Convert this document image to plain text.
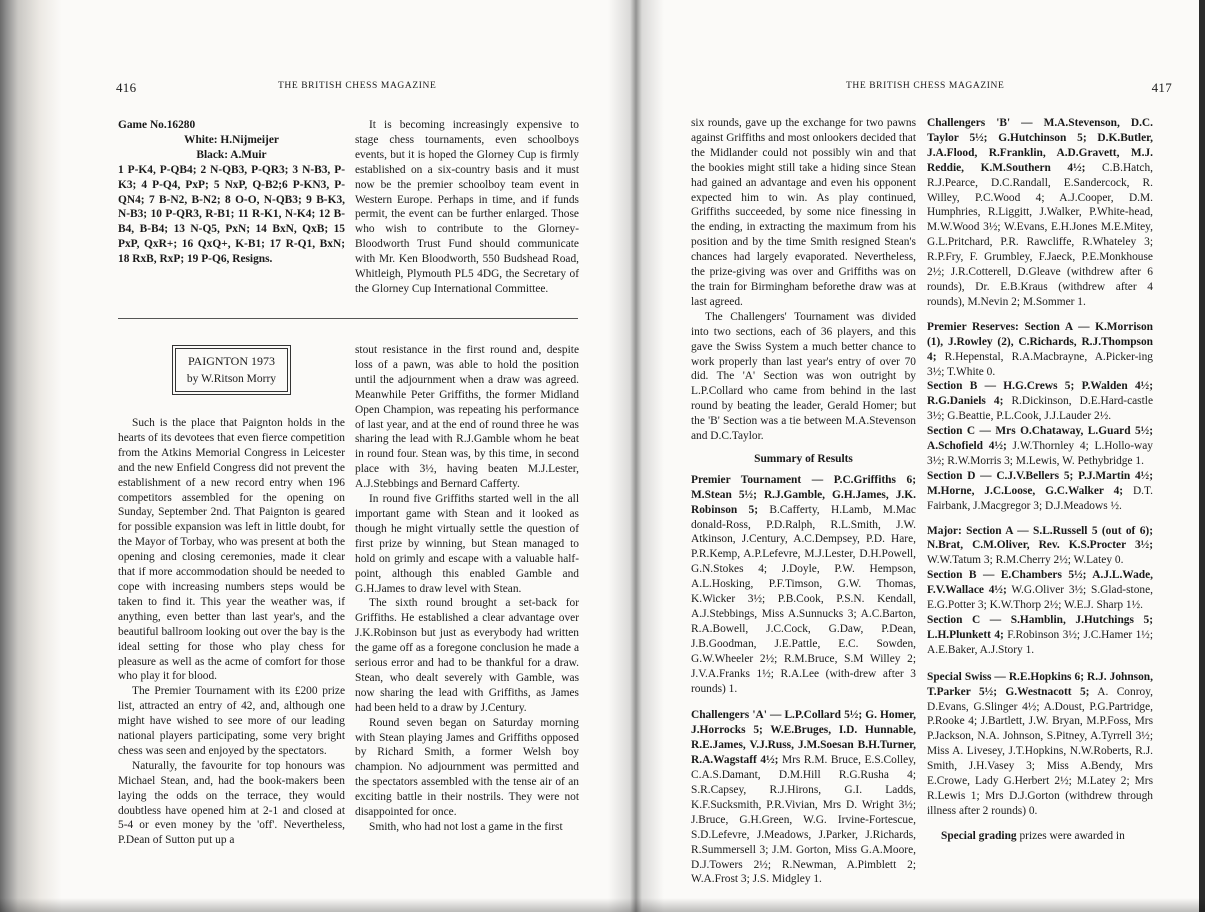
416	THE BRITISH CHESS MAGAZINE

Game No.16280

White: H.Nijmeijer
Black: A.Muir

1 P-K4, P-QB4; 2 N-QB3, P-QR3; 3 N-B3, P-K3; 4 P-Q4, PxP; 5 NxP, Q-B2;6 P-KN3, P-QN4; 7 B-N2, B-N2; 8 O-O, N-QB3; 9 B-K3, N-B3; 10 P-QR3, R-B1; 11 R-K1, N-K4; 12 B-B4, B-B4; 13 N-Q5, PxN; 14 BxN, QxB; 15 PxP, QxR+; 16 QxQ+, K-B1; 17 R-Q1, BxN; 18 RxB, RxP; 19 P-Q6, Resigns.

It is becoming increasingly expensive to stage chess tournaments, even schoolboys events, but it is hoped the Glorney Cup is firmly established on a six-country basis and it must now be the premier schoolboy team event in Western Europe. Perhaps in time, and if funds permit, the event can be further enlarged. Those who wish to contribute to the Glorney-Bloodworth Trust Fund should communicate with Mr. Ken Bloodworth, 550 Budshead Road, Whitleigh, Plymouth PL5 4DG, the Secretary of the Glorney Cup International Committee.

PAIGNTON 1973
by W.Ritson Morry

Such is the place that Paignton holds in the hearts of its devotees that even fierce competition from the Atkins Memorial Congress in Leicester and the new Enfield Congress did not prevent the establishment of a new record entry when 196 competitors assembled for the opening on Sunday, September 2nd. That Paignton is geared for possible expansion was left in little doubt, for the Mayor of Torbay, who was present at both the opening and closing ceremonies, made it clear that if more accommodation should be needed to cope with increasing numbers steps would be taken to find it. This year the weather was, if anything, even better than last year's, and the beautiful ballroom looking out over the bay is the ideal setting for those who play chess for pleasure as well as the acme of comfort for those who play it for blood.

The Premier Tournament with its £200 prize list, attracted an entry of 42, and, although one might have wished to see more of our leading national players participating, some very bright chess was seen and enjoyed by the spectators.

Naturally, the favourite for top honours was Michael Stean, and, had the book-makers been laying the odds on the terrace, they would doubtless have opened him at 2-1 and closed at 5-4 or even money by the 'off'. Nevertheless, P.Dean of Sutton put up a

stout resistance in the first round and, despite loss of a pawn, was able to hold the position until the adjournment when a draw was agreed. Meanwhile Peter Griffiths, the former Midland Open Champion, was repeating his performance of last year, and at the end of round three he was sharing the lead with R.J.Gamble whom he beat in round four. Stean was, by this time, in second place with 3½, having beaten M.J.Lester, A.J.Stebbings and Bernard Cafferty.

In round five Griffiths started well in the all important game with Stean and it looked as though he might virtually settle the question of first prize by winning, but Stean managed to hold on grimly and escape with a valuable half-point, although this enabled Gamble and G.H.James to draw level with Stean.

The sixth round brought a set-back for Griffiths. He established a clear advantage over J.K.Robinson but just as everybody had written the game off as a foregone conclusion he made a serious error and had to be thankful for a draw. Stean, who dealt severely with Gamble, was now sharing the lead with Griffiths, as James had been held to a draw by J.Century.

Round seven began on Saturday morning with Stean playing James and Griffiths opposed by Richard Smith, a former Welsh boy champion. No adjournment was permitted and the spectators assembled with the tense air of an exciting battle in their nostrils. They were not disappointed for once.

Smith, who had not lost a game in the first

THE BRITISH CHESS MAGAZINE	417

six rounds, gave up the exchange for two pawns against Griffiths and most onlookers decided that the Midlander could not possibly win and that the bookies might still take a hiding since Stean had gained an advantage and even his opponent expected him to win. As play continued, Griffiths succeeded, by some nice finessing in the ending, in extracting the maximum from his position and by the time Smith resigned Stean's chances had largely evaporated. Nevertheless, the prize-giving was over and Griffiths was on the train for Birmingham beforethe draw was at last agreed.

The Challengers' Tournament was divided into two sections, each of 36 players, and this gave the Swiss System a much better chance to work properly than last year's entry of over 70 did. The 'A' Section was won outright by L.P.Collard who came from behind in the last round by beating the leader, Gerald Homer; but the 'B' Section was a tie between M.A.Stevenson and D.C.Taylor.

Summary of Results

Premier Tournament — P.C.Griffiths 6; M.Stean 5½; R.J.Gamble, G.H.James, J.K. Robinson 5; B.Cafferty, H.Lamb, M.Mac donald-Ross, P.D.Ralph, R.L.Smith, J.W. Atkinson, J.Century, A.C.Dempsey, P.D. Hare, P.R.Kemp, A.P.Lefevre, M.J.Lester, D.H.Powell, G.N.Stokes 4; J.Doyle, P.W. Hempson, A.L.Hosking, P.F.Timson, G.W. Thomas, K.Wicker 3½; P.B.Cook, P.S.N. Kendall, A.J.Stebbings, Miss A.Sunnucks 3; A.C.Barton, R.A.Bowell, J.C.Cock, G.Daw, P.Dean, J.B.Goodman, J.E.Pattle, E.C. Sowden, G.W.Wheeler 2½; R.M.Bruce, S.M Willey 2; J.V.A.Franks 1½; R.A.Lee (with-drew after 3 rounds) 1.

Challengers 'A' — L.P.Collard 5½; G. Homer, J.Horrocks 5; W.E.Bruges, I.D. Hunnable, R.E.James, V.J.Russ, J.M.Soesan B.H.Turner, R.A.Wagstaff 4½; Mrs R.M. Bruce, E.S.Colley, C.A.S.Damant, D.M.Hill R.G.Rusha 4; S.R.Capsey, R.J.Hirons, G.I. Ladds, K.F.Sucksmith, P.R.Vivian, Mrs D. Wright 3½; J.Bruce, G.H.Green, W.G. Irvine-Fortescue, S.D.Lefevre, J.Meadows, J.Parker, J.Richards, R.Summersell 3; J.M. Gorton, Miss G.A.Moore, D.J.Towers 2½; R.Newman, A.Pimblett 2; W.A.Frost 3; J.S. Midgley 1.

Challengers 'B' — M.A.Stevenson, D.C. Taylor 5½; G.Hutchinson 5; D.K.Butler, J.A.Flood, R.Franklin, A.D.Gravett, M.J. Reddie, K.M.Southern 4½; C.B.Hatch, R.J.Pearce, D.C.Randall, E.Sandercock, R. Willey, P.C.Wood 4; A.J.Cooper, D.M. Humphries, R.Liggitt, J.Walker, P.White-head, M.W.Wood 3½; W.Evans, E.H.Jones M.E.Mitey, G.L.Pritchard, P.R. Rawcliffe, R.Whateley 3; R.P.Fry, F. Grumbley, F.Jaeck, P.E.Monkhouse 2½; J.R.Cotterell, D.Gleave (withdrew after 6 rounds), Dr. E.B.Kraus (withdrew after 4 rounds), M.Nevin 2; M.Sommer 1.

Premier Reserves: Section A — K.Morrison (1), J.Rowley (2), C.Richards, R.J.Thompson 4; R.Hepenstal, R.A.Macbrayne, A.Picker-ing 3½; T.White 0.

Section B — H.G.Crews 5; P.Walden 4½; R.G.Daniels 4; R.Dickinson, D.E.Hard-castle 3½; G.Beattie, P.L.Cook, J.J.Lauder 2½.

Section C — Mrs O.Chataway, L.Guard 5½; A.Schofield 4½; J.W.Thornley 4; L.Hollo-way 3½; R.W.Morris 3; M.Lewis, W. Pethybridge 1.

Section D — C.J.V.Bellers 5; P.J.Martin 4½; M.Horne, J.C.Loose, G.C.Walker 4; D.T. Fairbank, J.Macgregor 3; D.J.Meadows ½.

Major: Section A — S.L.Russell 5 (out of 6); N.Brat, C.M.Oliver, Rev. K.S.Procter 3½; W.W.Tatum 3; R.M.Cherry 2½; W.Latey 0.

Section B — E.Chambers 5½; A.J.L.Wade, F.V.Wallace 4½; W.G.Oliver 3½; S.Glad-stone, E.G.Potter 3; K.W.Thorp 2½; W.E.J. Sharp 1½.

Section C — S.Hamblin, J.Hutchings 5; L.H.Plunkett 4; F.Robinson 3½; J.C.Hamer 1½; A.E.Baker, A.J.Story 1.

Special Swiss — R.E.Hopkins 6; R.J. Johnson, T.Parker 5½; G.Westnacott 5; A. Conroy, D.Evans, G.Slinger 4½; A.Doust, P.G.Partridge, P.Rooke 4; J.Bartlett, J.W. Bryan, M.P.Foss, Mrs P.Jackson, N.A. Johnson, S.Pitney, A.Tyrrell 3½; Miss A. Livesey, J.T.Hopkins, N.W.Roberts, R.J. Smith, J.H.Vasey 3; Miss A.Bendy, Mrs E.Crowe, Lady G.Herbert 2½; M.Latey 2; Mrs R.Lewis 1; Mrs D.J.Gorton (withdrew through illness after 2 rounds) 0.

Special grading prizes were awarded in
